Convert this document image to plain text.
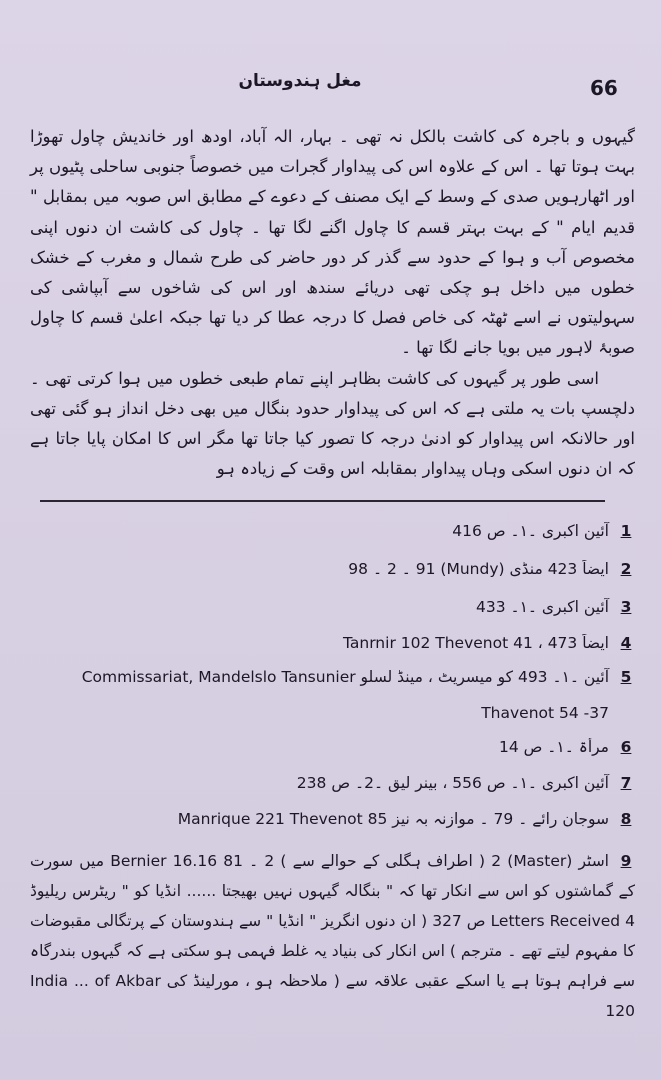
66
مغل ہندوستان

گیہوں و باجرہ کی کاشت بالکل نہ تھی ۔ بہار، الہ آباد، اودھ اور خاندیش چاول تھوڑا بہت ہوتا تھا ۔ اس کے علاوہ اس کی پیداوار گجرات میں خصوصاً جنوبی ساحلی پٹیوں پر اور اٹھارہویں صدی کے وسط کے ایک مصنف کے دعوے کے مطابق اس صوبہ میں بمقابل " قدیم ایام " کے بہت بہتر قسم کا چاول اگنے لگا تھا ۔ چاول کی کاشت ان دنوں اپنی مخصوص آب و ہوا کے حدود سے گذر کر دور حاضر کی طرح شمال و مغرب کے خشک خطوں میں داخل ہو چکی تھی دریائے سندھ اور اس کی شاخوں سے آبپاشی کی سہولیتوں نے اسے ٹھٹہ کی خاص فصل کا درجہ عطا کر دیا تھا جبکہ اعلیٰ قسم کا چاول صوبۂ لاہور میں بویا جانے لگا تھا ۔

اسی طور پر گیہوں کی کاشت بظاہر اپنے تمام طبعی خطوں میں ہوا کرتی تھی ۔ دلچسپ بات یہ ملتی ہے کہ اس کی پیداوار حدود بنگال میں بھی دخل انداز ہو گئی تھی اور حالانکہ اس پیداوار کو ادنیٰ درجہ کا تصور کیا جاتا تھا مگر اس کا امکان پایا جاتا ہے کہ ان دنوں اسکی وہاں پیداوار بمقابلہ اس وقت کے زیادہ ہو

1آئین اکبری ۔۱۔ ص 416
2ایضاً 423 منڈی (Mundy) 91 ۔ 2 ۔ 98
3آئین اکبری ۔۱۔ 433
4ایضاً 473 ، Tanrnir 102 Thevenot 41
5آئین ۔۱۔ 493 کو میسریٹ ، مینڈ لسلو Commissariat, Mandelslo Tansunier
Thavenot 54 -37
6مرأۃ ۔۱۔ ص 14
7آئین اکبری ۔۱۔ ص 556 ، بینر لیق ۔2۔ ص 238
8سوجان رائے ۔ 79 ۔ موازنہ بہ نیز Manrique 221 Thevenot 85
9اسٹر (Master) 2 ( اطراف ہگلی کے حوالے سے ) 2 ۔ 81 Bernier 16.16 میں سورت کے گماشتوں کو اس سے انکار تھا کہ " بنگالہ گیہوں نہیں بھیجتا ...... انڈیا کو " ریٹرس ریلیوڈ Letters Received 4 ص 327 ( ان دنوں انگریز " انڈیا " سے ہندوستان کے پرتگالی مقبوضات کا مفہوم لیتے تھے ۔ مترجم ) اس انکار کی بنیاد یہ غلط فہمی ہو سکتی ہے کہ گیہوں بندرگاہ سے فراہم ہوتا ہے یا اسکے عقبی علاقہ سے ( ملاحظہ ہو ، مورلینڈ کی India ... of Akbar 120
